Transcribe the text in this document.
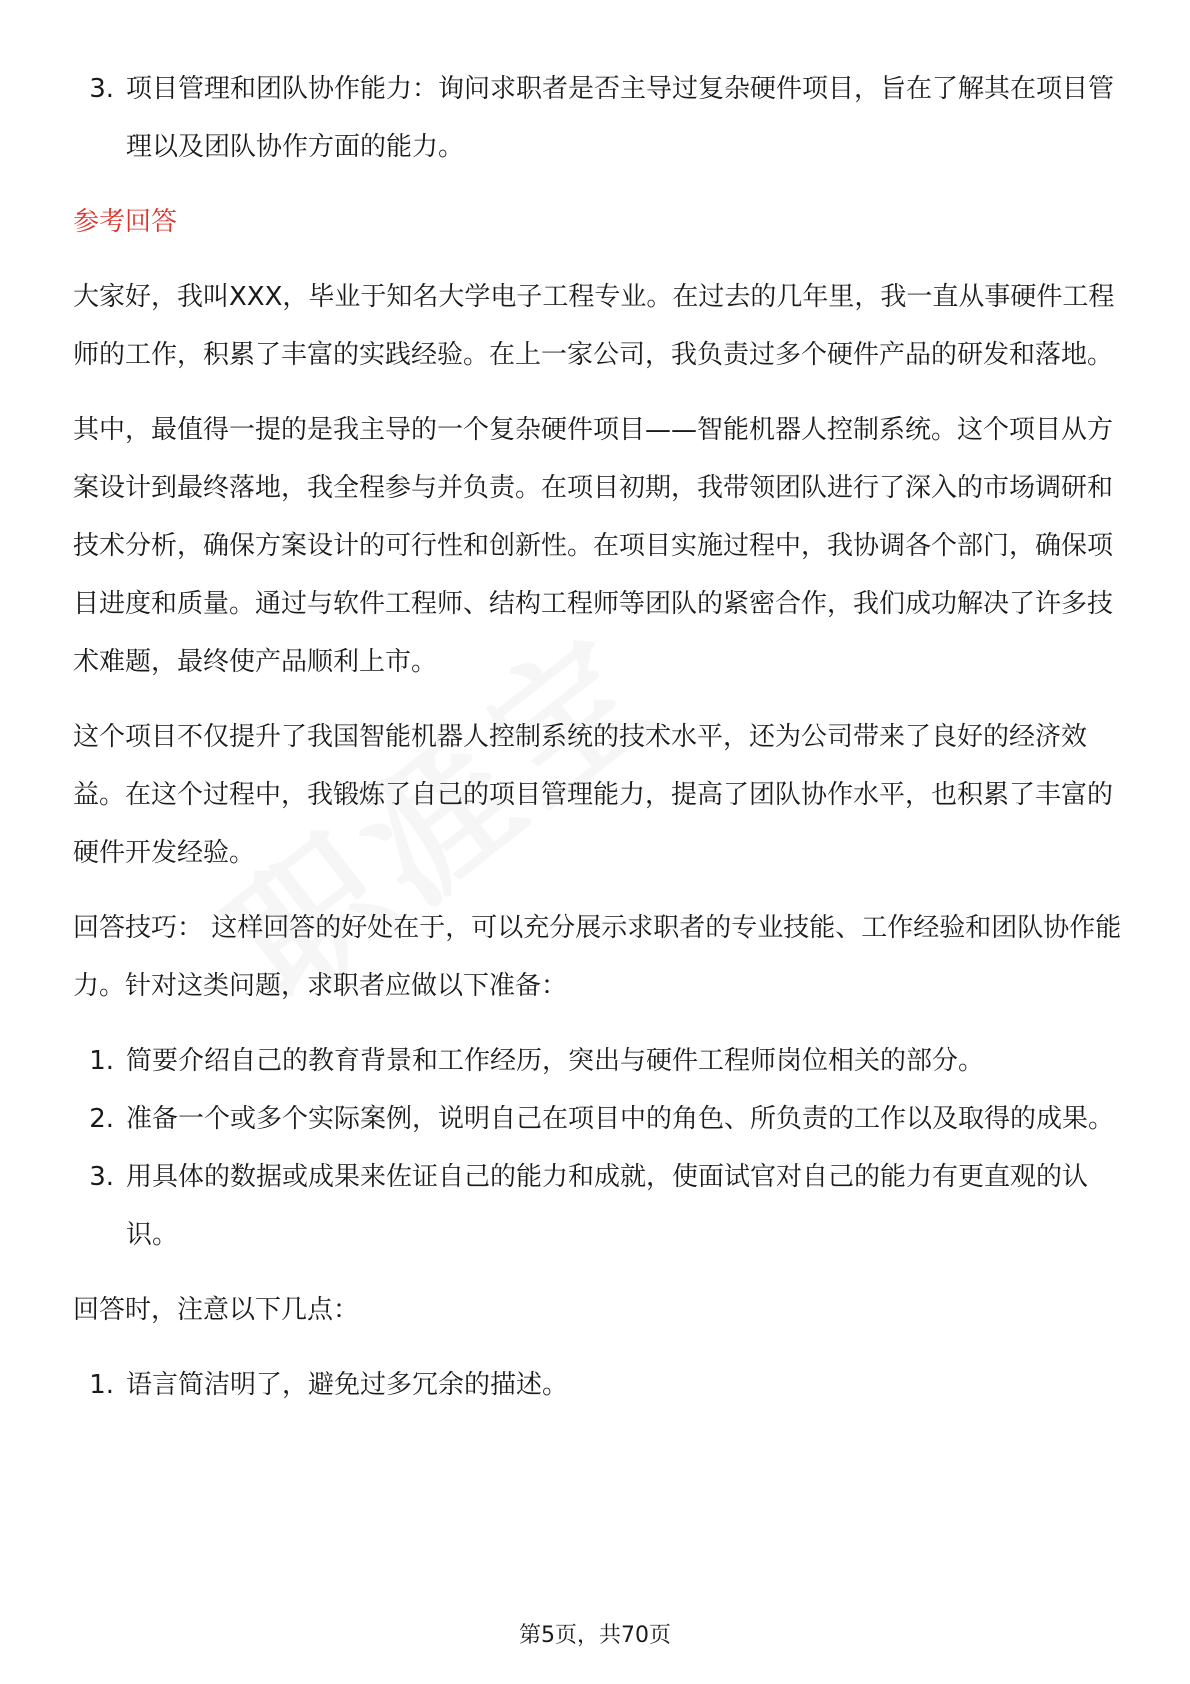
3. 项目管理和团队协作能力：询问求职者是否主导过复杂硬件项目，旨在了解其在项目管理以及团队协作方面的能力。
参考回答

大家好，我叫XXX，毕业于知名大学电子工程专业。在过去的几年里，我一直从事硬件工程师的工作，积累了丰富的实践经验。在上一家公司，我负责过多个硬件产品的研发和落地。

其中，最值得一提的是我主导的一个复杂硬件项目——智能机器人控制系统。这个项目从方案设计到最终落地，我全程参与并负责。在项目初期，我带领团队进行了深入的市场调研和技术分析，确保方案设计的可行性和创新性。在项目实施过程中，我协调各个部门，确保项目进度和质量。通过与软件工程师、结构工程师等团队的紧密合作，我们成功解决了许多技术难题，最终使产品顺利上市。

这个项目不仅提升了我国智能机器人控制系统的技术水平，还为公司带来了良好的经济效益。在这个过程中，我锻炼了自己的项目管理能力，提高了团队协作水平，也积累了丰富的硬件开发经验。

回答技巧： 这样回答的好处在于，可以充分展示求职者的专业技能、工作经验和团队协作能力。针对这类问题，求职者应做以下准备：

1. 简要介绍自己的教育背景和工作经历，突出与硬件工程师岗位相关的部分。
2. 准备一个或多个实际案例，说明自己在项目中的角色、所负责的工作以及取得的成果。
3. 用具体的数据或成果来佐证自己的能力和成就，使面试官对自己的能力有更直观的认识。

回答时，注意以下几点：

1. 语言简洁明了，避免过多冗余的描述。
第5页，共70页
